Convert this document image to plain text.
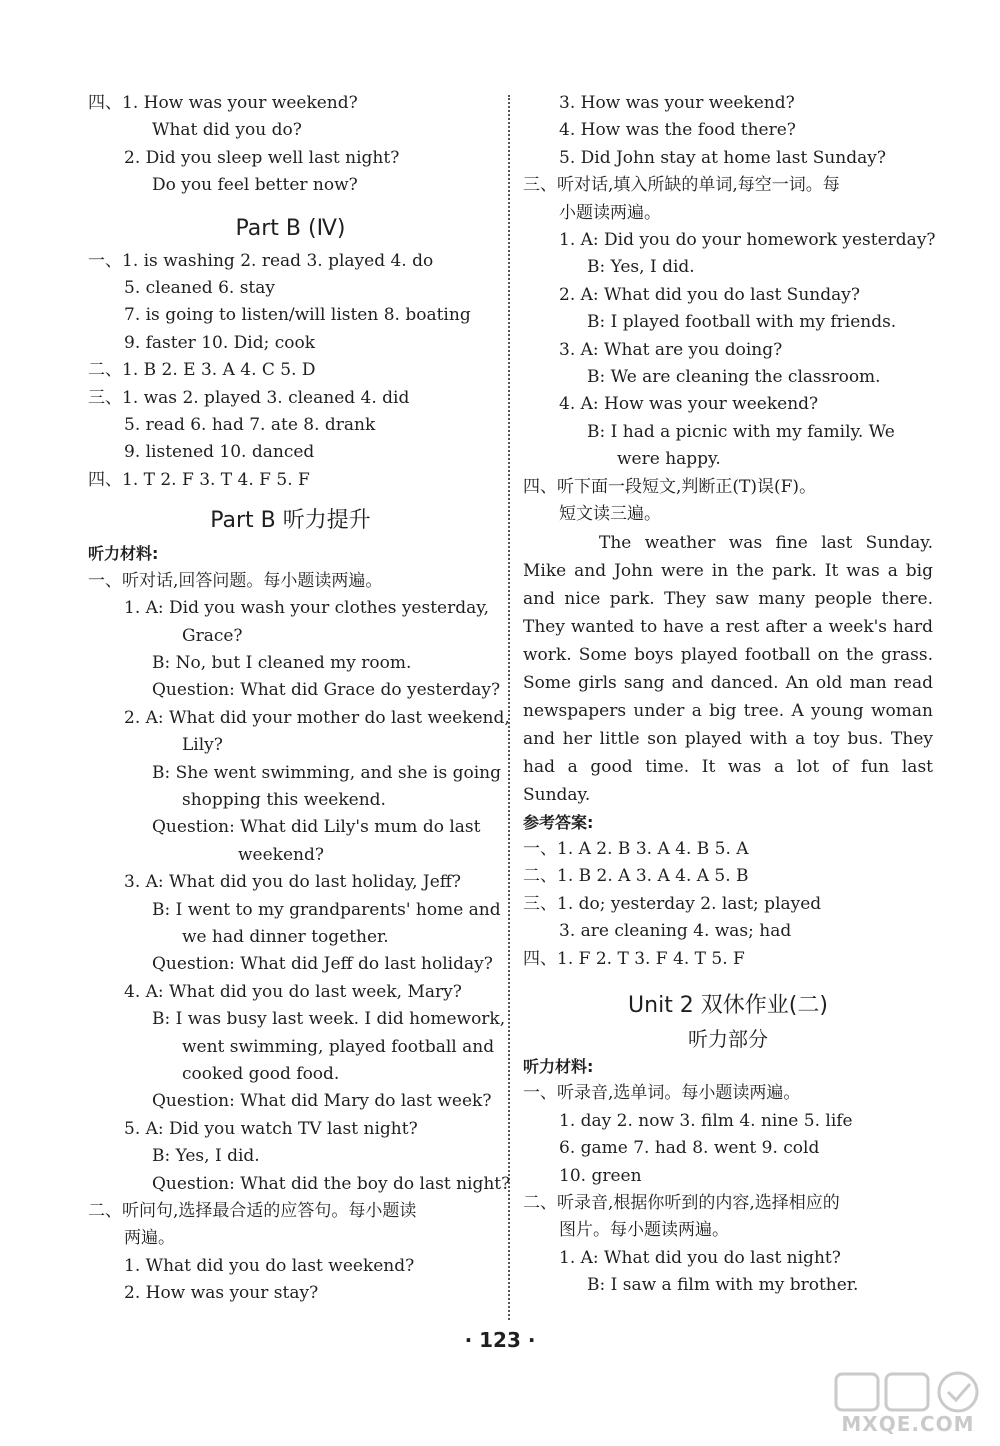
四、1. How was your weekend?
What did you do?
2. Did you sleep well last night?
Do you feel better now?
Part B (Ⅳ)
一、1. is washing 2. read 3. played 4. do
5. cleaned 6. stay
7. is going to listen/will listen 8. boating
9. faster 10. Did; cook
二、1. B 2. E 3. A 4. C 5. D
三、1. was 2. played 3. cleaned 4. did
5. read 6. had 7. ate 8. drank
9. listened 10. danced
四、1. T 2. F 3. T 4. F 5. F
Part B 听力提升
听力材料:
一、听对话,回答问题。每小题读两遍。
1. A: Did you wash your clothes yesterday,
Grace?
B: No, but I cleaned my room.
Question: What did Grace do yesterday?
2. A: What did your mother do last weekend,
Lily?
B: She went swimming, and she is going
shopping this weekend.
Question: What did Lily's mum do last
weekend?
3. A: What did you do last holiday, Jeff?
B: I went to my grandparents' home and
we had dinner together.
Question: What did Jeff do last holiday?
4. A: What did you do last week, Mary?
B: I was busy last week. I did homework,
went swimming, played football and
cooked good food.
Question: What did Mary do last week?
5. A: Did you watch TV last night?
B: Yes, I did.
Question: What did the boy do last night?
二、听问句,选择最合适的应答句。每小题读
两遍。
1. What did you do last weekend?
2. How was your stay?
3. How was your weekend?
4. How was the food there?
5. Did John stay at home last Sunday?
三、听对话,填入所缺的单词,每空一词。每
小题读两遍。
1. A: Did you do your homework yesterday?
B: Yes, I did.
2. A: What did you do last Sunday?
B: I played football with my friends.
3. A: What are you doing?
B: We are cleaning the classroom.
4. A: How was your weekend?
B: I had a picnic with my family. We
were happy.
四、听下面一段短文,判断正(T)误(F)。
短文读三遍。
The weather was fine last Sunday. Mike and John were in the park. It was a big and nice park. They saw many people there. They wanted to have a rest after a week's hard work. Some boys played football on the grass. Some girls sang and danced. An old man read newspapers under a big tree. A young woman and her little son played with a toy bus. They had a good time. It was a lot of fun last Sunday.
参考答案:
一、1. A 2. B 3. A 4. B 5. A
二、1. B 2. A 3. A 4. A 5. B
三、1. do; yesterday 2. last; played
3. are cleaning 4. was; had
四、1. F 2. T 3. F 4. T 5. F
Unit 2 双休作业(二)
听力部分
听力材料:
一、听录音,选单词。每小题读两遍。
1. day 2. now 3. film 4. nine 5. life
6. game 7. had 8. went 9. cold
10. green
二、听录音,根据你听到的内容,选择相应的
图片。每小题读两遍。
1. A: What did you do last night?
B: I saw a film with my brother.
· 123 ·
MXQE.COM
